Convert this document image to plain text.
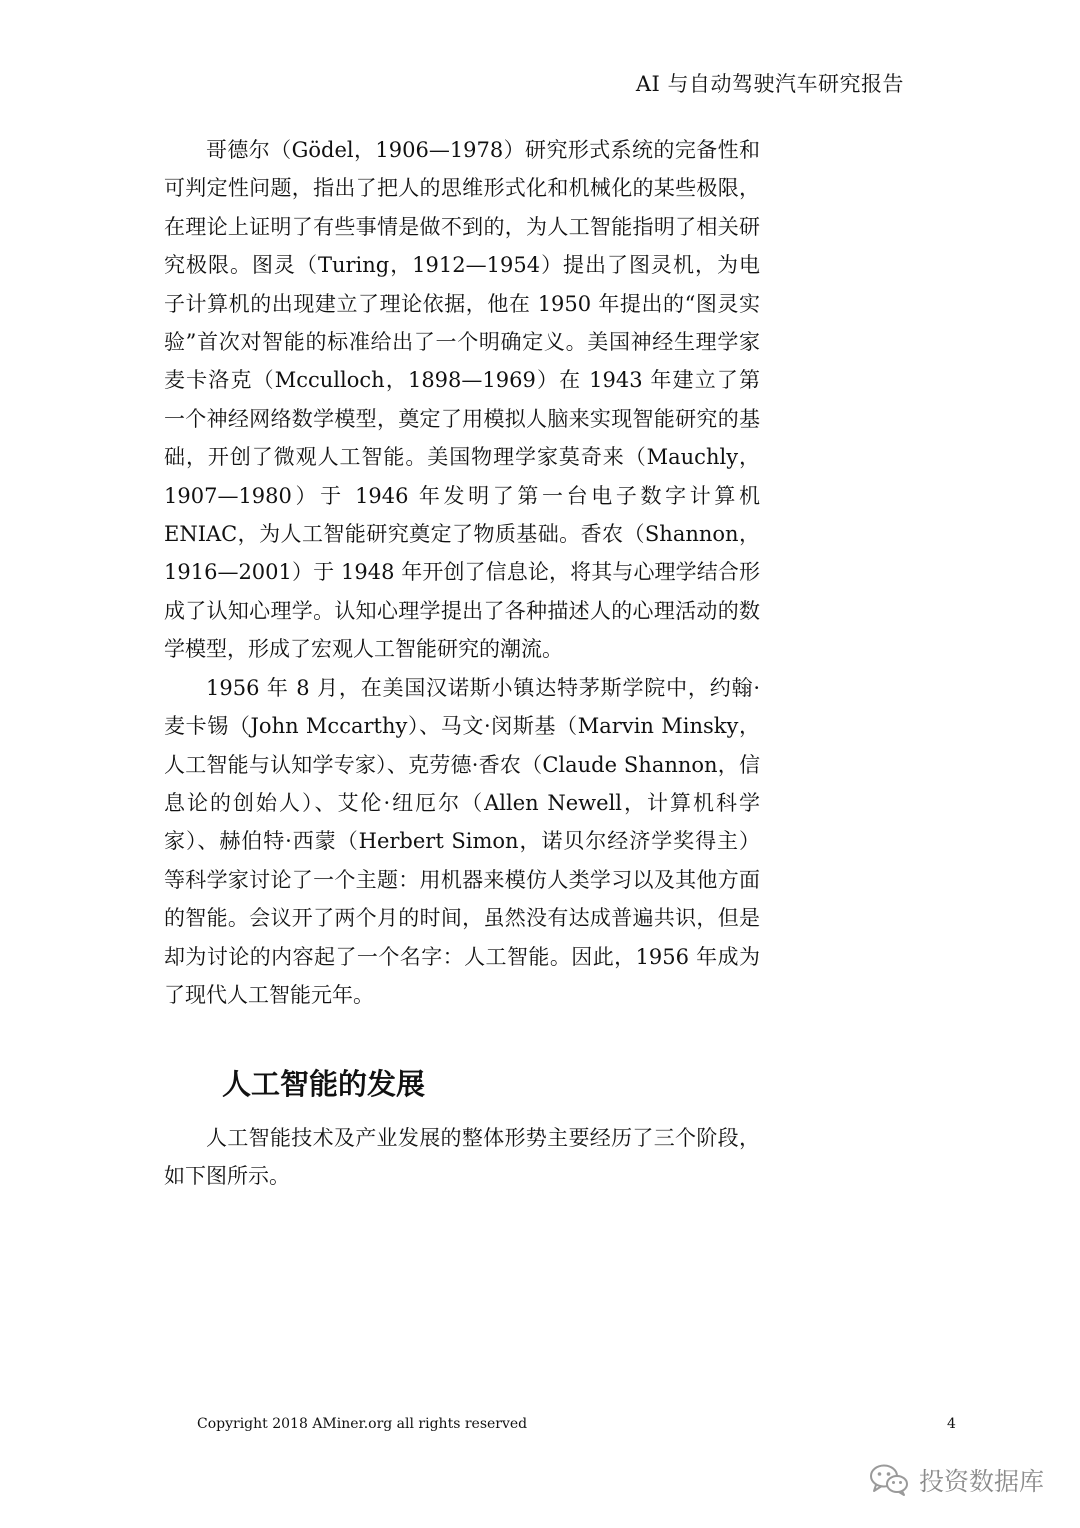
AI 与自动驾驶汽车研究报告

哥德尔（Gödel，1906—1978）研究形式系统的完备性和可判定性问题，指出了把人的思维形式化和机械化的某些极限，在理论上证明了有些事情是做不到的，为人工智能指明了相关研究极限。图灵（Turing，1912—1954）提出了图灵机，为电子计算机的出现建立了理论依据，他在 1950 年提出的“图灵实验”首次对智能的标准给出了一个明确定义。美国神经生理学家麦卡洛克（Mcculloch，1898—1969）在 1943 年建立了第一个神经网络数学模型，奠定了用模拟人脑来实现智能研究的基础，开创了微观人工智能。美国物理学家莫奇来（Mauchly，1907—1980）于 1946 年发明了第一台电子数字计算机 ENIAC，为人工智能研究奠定了物质基础。香农（Shannon，1916—2001）于 1948 年开创了信息论，将其与心理学结合形成了认知心理学。认知心理学提出了各种描述人的心理活动的数学模型，形成了宏观人工智能研究的潮流。

1956 年 8 月，在美国汉诺斯小镇达特茅斯学院中，约翰·麦卡锡（John Mccarthy）、马文·闵斯基（Marvin Minsky，人工智能与认知学专家）、克劳德·香农（Claude Shannon，信息论的创始人）、艾伦·纽厄尔（Allen Newell，计算机科学家）、赫伯特·西蒙（Herbert Simon，诺贝尔经济学奖得主）等科学家讨论了一个主题：用机器来模仿人类学习以及其他方面的智能。会议开了两个月的时间，虽然没有达成普遍共识，但是却为讨论的内容起了一个名字：人工智能。因此，1956 年成为了现代人工智能元年。

人工智能的发展

人工智能技术及产业发展的整体形势主要经历了三个阶段，如下图所示。

Copyright 2018 AMiner.org all rights reserved	4
投资数据库
